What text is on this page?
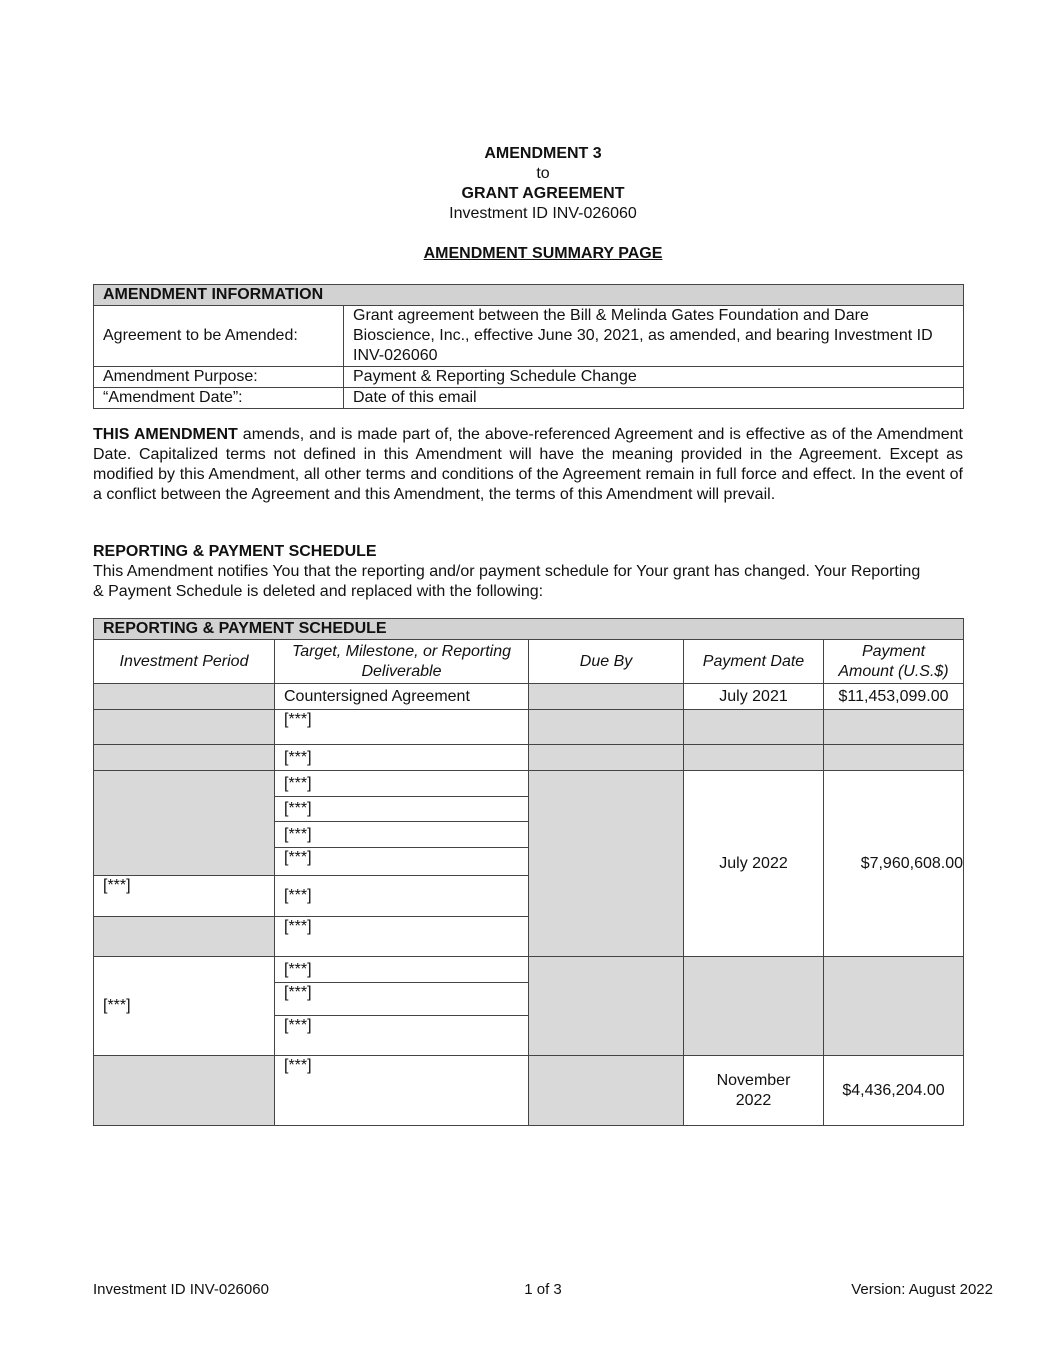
AMENDMENT 3
to
GRANT AGREEMENT
Investment ID INV-026060
AMENDMENT SUMMARY PAGE
AMENDMENT INFORMATION	
Agreement to be Amended:	Grant agreement between the Bill & Melinda Gates Foundation and Dare Bioscience, Inc., effective June 30, 2021, as amended, and bearing Investment ID INV-026060
Amendment Purpose:	Payment & Reporting Schedule Change
“Amendment Date”:	Date of this email
THIS AMENDMENT amends, and is made part of, the above-referenced Agreement and is effective as of the Amendment Date. Capitalized terms not defined in this Amendment will have the meaning provided in the Agreement. Except as modified by this Amendment, all other terms and conditions of the Agreement remain in full force and effect. In the event of a conflict between the Agreement and this Amendment, the terms of this Amendment will prevail.
REPORTING & PAYMENT SCHEDULE
This Amendment notifies You that the reporting and/or payment schedule for Your grant has changed. Your Reporting & Payment Schedule is deleted and replaced with the following:
REPORTING & PAYMENT SCHEDULE				
Investment Period	Target, Milestone, or Reporting Deliverable	Due By	Payment Date	Payment Amount (U.S.$)
	Countersigned Agreement		July 2021	$11,453,099.00
	[***]			
	[***]			
	[***]		July 2022	$7,960,608.00
	[***]			
	[***]			
	[***]			
[***]	[***]			
	[***]			
[***]	[***]			
	[***]			
	[***]			
	[***]		November 2022	$4,436,204.00
Investment ID INV-026060	1 of 3	Version: August 2022
